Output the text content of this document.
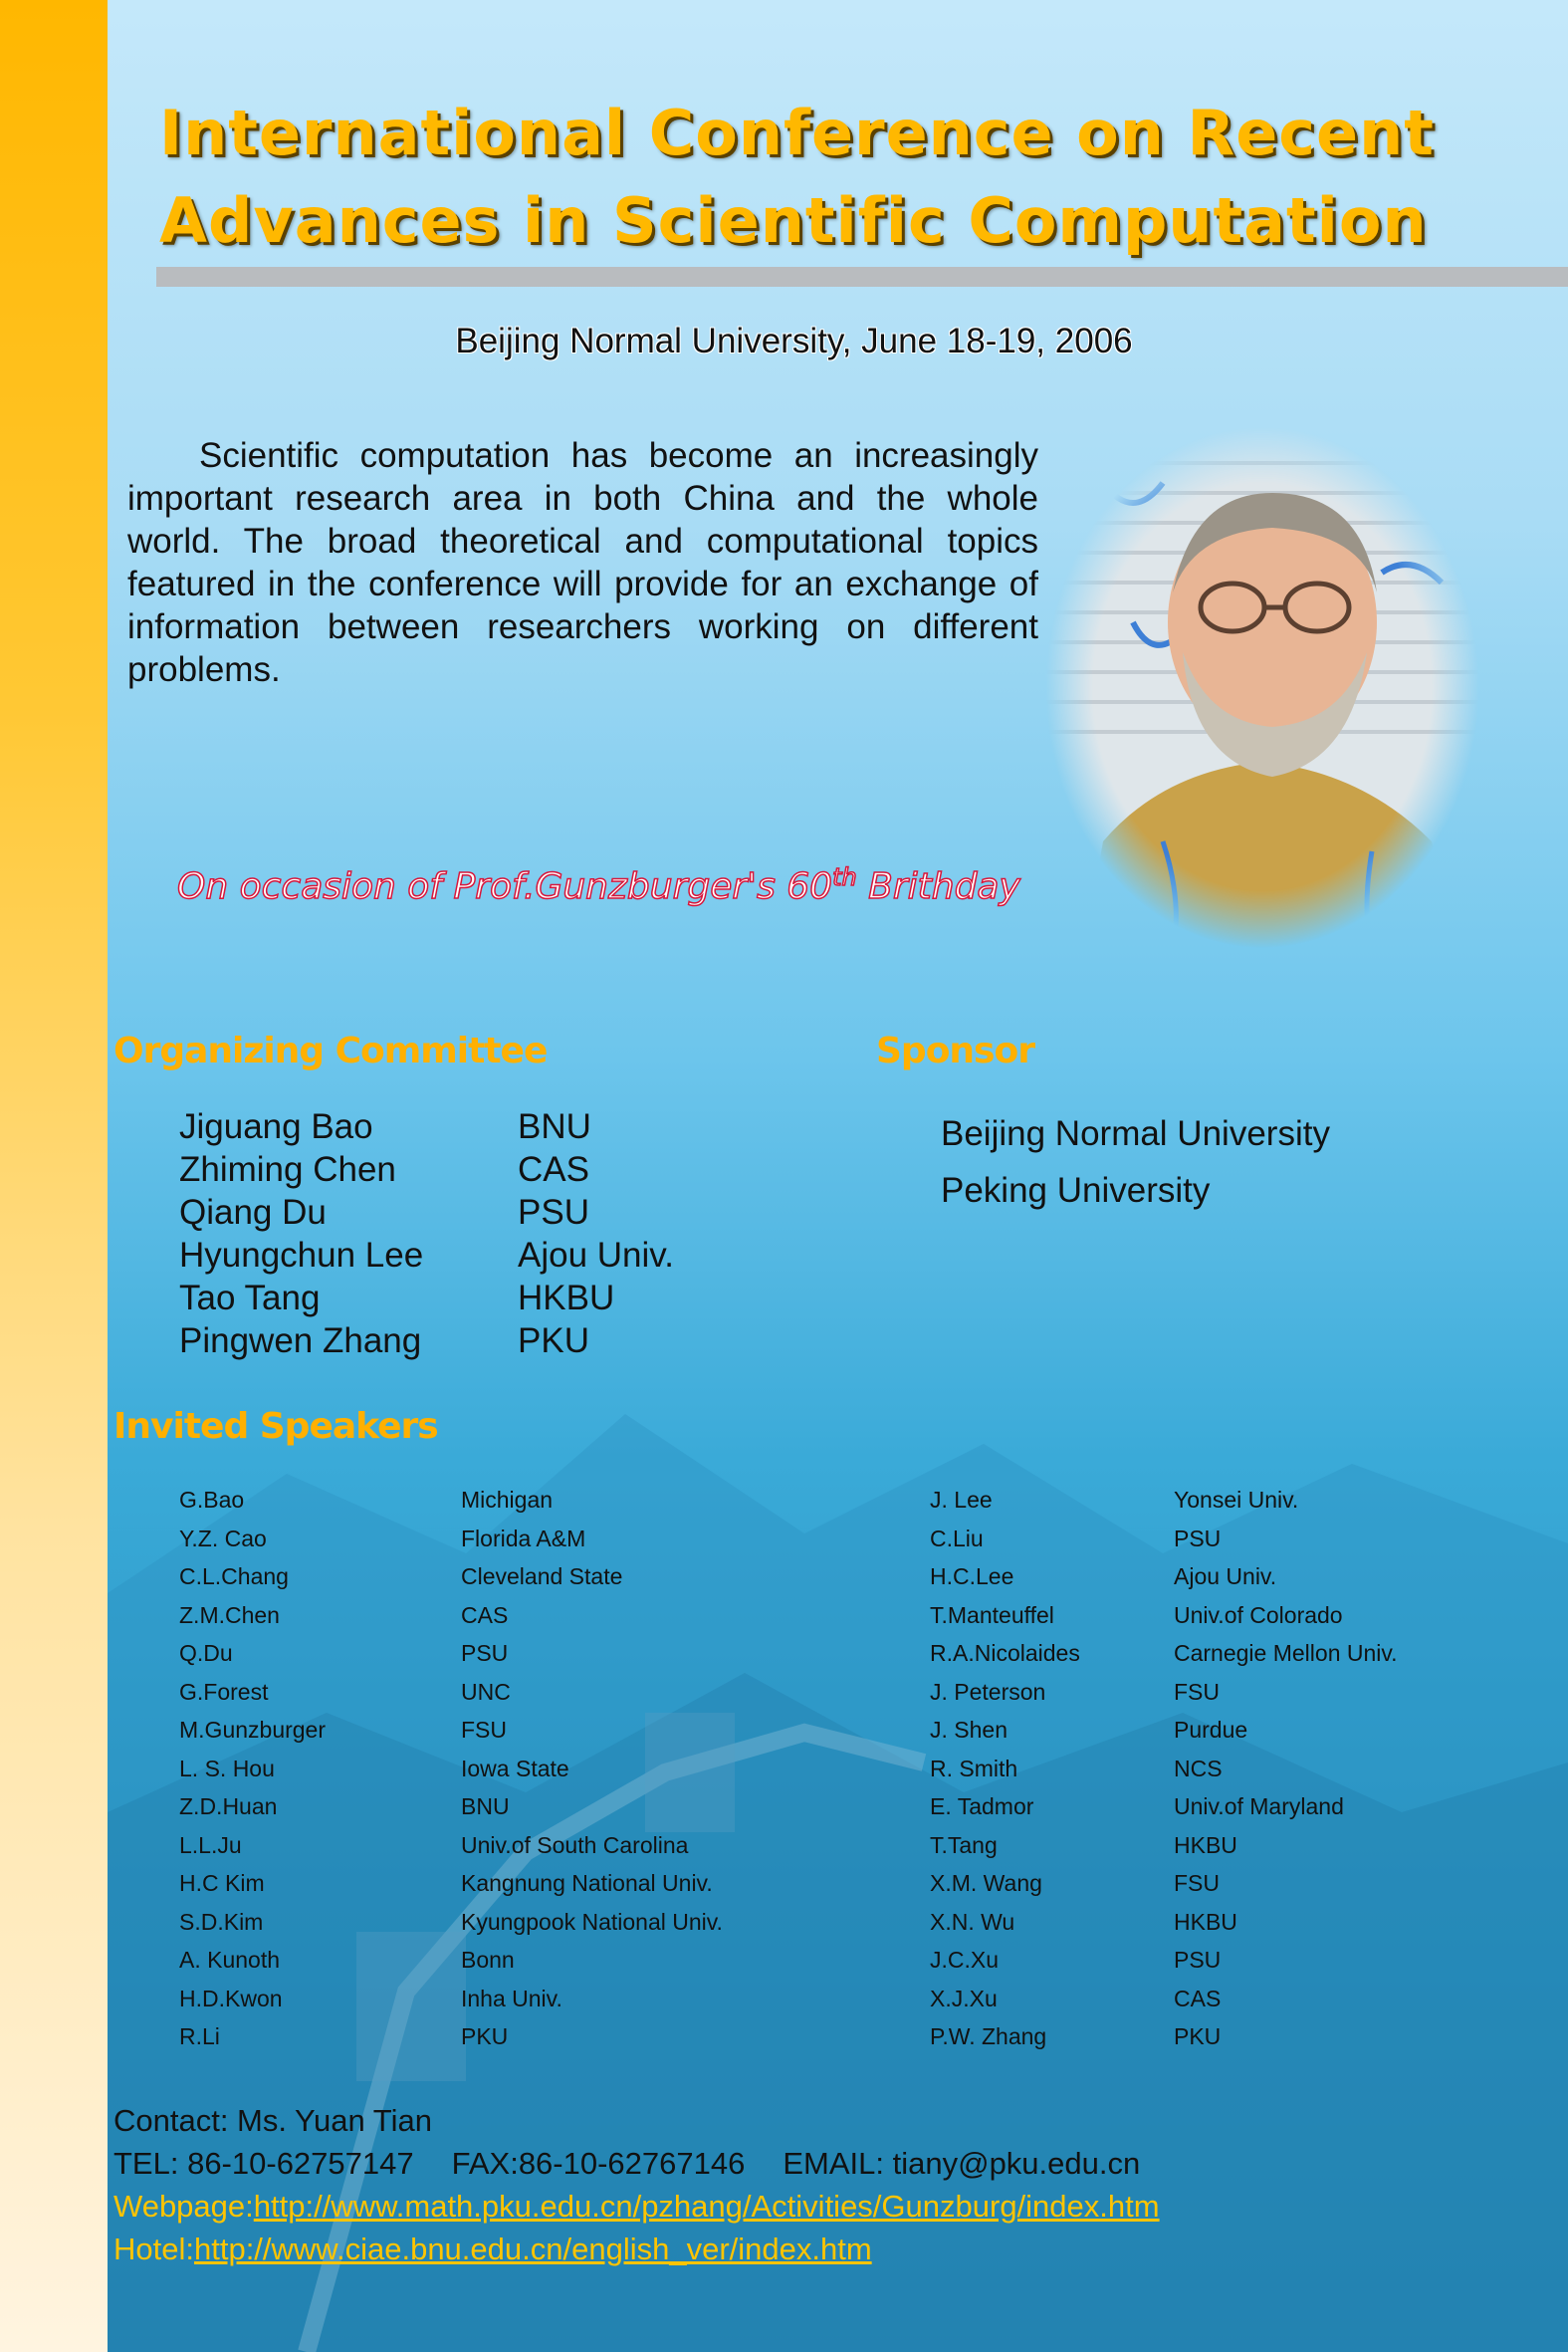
International Conference on Recent
Advances in Scientific Computation
Beijing Normal University, June 18-19, 2006

Scientific computation has become an increasingly important research area in both China and the whole world. The broad theoretical and computational topics featured in the conference will provide for an exchange of information between researchers working on different problems.

On occasion of Prof.Gunzburger's 60th Brithday
Organizing Committee
Jiguang Bao	BNU
Zhiming Chen	CAS
Qiang Du	PSU
Hyungchun Lee	Ajou Univ.
Tao Tang	HKBU
Pingwen Zhang	PKU
Sponsor
Beijing Normal University
Peking University
Invited Speakers
G.Bao	Michigan
Y.Z. Cao	Florida A&M
C.L.Chang	Cleveland State
Z.M.Chen	CAS
Q.Du	PSU
G.Forest	UNC
M.Gunzburger	FSU
L. S. Hou	Iowa State
Z.D.Huan	BNU
L.L.Ju	Univ.of South Carolina
H.C Kim	Kangnung National Univ.
S.D.Kim	Kyungpook National Univ.
A. Kunoth	Bonn
H.D.Kwon	Inha Univ.
R.Li	PKU
J. Lee	Yonsei Univ.
C.Liu	PSU
H.C.Lee	Ajou Univ.
T.Manteuffel	Univ.of Colorado
R.A.Nicolaides	Carnegie Mellon Univ.
J. Peterson	FSU
J. Shen	Purdue
R. Smith	NCS
E. Tadmor	Univ.of Maryland
T.Tang	HKBU
X.M. Wang	FSU
X.N. Wu	HKBU
J.C.Xu	PSU
X.J.Xu	CAS
P.W. Zhang	PKU
Contact: Ms. Yuan Tian
TEL: 86-10-62757147 FAX:86-10-62767146 EMAIL: tiany@pku.edu.cn
Webpage:http://www.math.pku.edu.cn/pzhang/Activities/Gunzburg/index.htm
Hotel:http://www.ciae.bnu.edu.cn/english_ver/index.htm
